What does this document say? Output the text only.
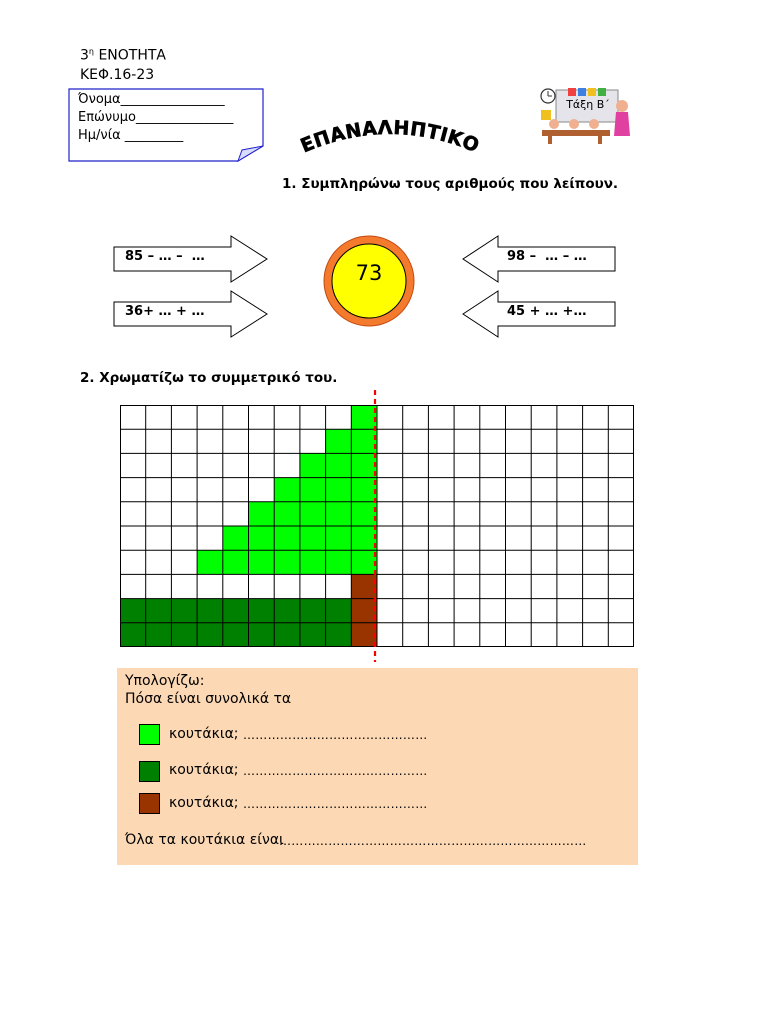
$3^\eta$ ΕΝΟΤΗΤΑ
ΚΕΦ.16-23
Όνομα________________
Επώνυμο_______________
Ημ/νία _________	ΕΠΑΝΑΛΗΠΤΙΚΟ
Τάξη Β΄
1. Συμπληρώνω τους αριθμούς που λείπουν.
85 – … –  …
36+ … + …
98 –  … – …
45 + … +…
73
2. Χρωματίζω το συμμετρικό του.
Υπολογίζω:
Πόσα είναι συνολικά τα
κουτάκια; ………………………………………
κουτάκια; ………………………………………
κουτάκια; ………………………………………
Όλα τα κουτάκια είναι
…………………………………………………………………
